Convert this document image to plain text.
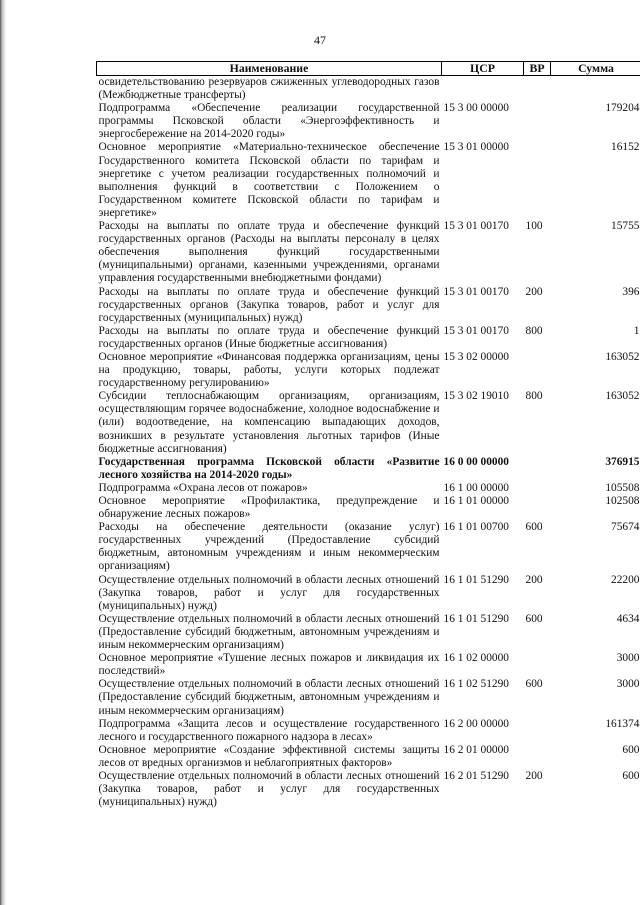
47
Наименование	ЦСР	ВР	Сумма
освидетельствованию резервуаров сжиженных углеводородных газов (Межбюджетные трансферты)			
Подпрограмма «Обеспечение реализации государственной программы Псковской области «Энергоэффективность и энергосбережение на 2014-2020 годы»	15 3 00 00000		179204
Основное мероприятие «Материально-техническое обеспечение Государственного комитета Псковской области по тарифам и энергетике с учетом реализации государственных полномочий и выполнения функций в соответствии с Положением о Государственном комитете Псковской области по тарифам и энергетике»	15 3 01 00000		16152
Расходы на выплаты по оплате труда и обеспечение функций государственных органов (Расходы на выплаты персоналу в целях обеспечения выполнения функций государственными (муниципальными) органами, казенными учреждениями, органами управления государственными внебюджетными фондами)	15 3 01 00170	100	15755
Расходы на выплаты по оплате труда и обеспечение функций государственных органов (Закупка товаров, работ и услуг для государственных (муниципальных) нужд)	15 3 01 00170	200	396
Расходы на выплаты по оплате труда и обеспечение функций государственных органов (Иные бюджетные ассигнования)	15 3 01 00170	800	1
Основное мероприятие «Финансовая поддержка организациям, цены на продукцию, товары, работы, услуги которых подлежат государственному регулированию»	15 3 02 00000		163052
Субсидии теплоснабжающим организациям, организациям, осуществляющим горячее водоснабжение, холодное водоснабжение и (или) водоотведение, на компенсацию выпадающих доходов, возникших в результате установления льготных тарифов (Иные бюджетные ассигнования)	15 3 02 19010	800	163052
Государственная программа Псковской области «Развитие лесного хозяйства на 2014-2020 годы»	16 0 00 00000		376915
Подпрограмма «Охрана лесов от пожаров»	16 1 00 00000		105508
Основное мероприятие «Профилактика, предупреждение и обнаружение лесных пожаров»	16 1 01 00000		102508
Расходы на обеспечение деятельности (оказание услуг) государственных учреждений (Предоставление субсидий бюджетным, автономным учреждениям и иным некоммерческим организациям)	16 1 01 00700	600	75674
Осуществление отдельных полномочий в области лесных отношений (Закупка товаров, работ и услуг для государственных (муниципальных) нужд)	16 1 01 51290	200	22200
Осуществление отдельных полномочий в области лесных отношений (Предоставление субсидий бюджетным, автономным учреждениям и иным некоммерческим организациям)	16 1 01 51290	600	4634
Основное мероприятие «Тушение лесных пожаров и ликвидация их последствий»	16 1 02 00000		3000
Осуществление отдельных полномочий в области лесных отношений (Предоставление субсидий бюджетным, автономным учреждениям и иным некоммерческим организациям)	16 1 02 51290	600	3000
Подпрограмма «Защита лесов и осуществление государственного лесного и государственного пожарного надзора в лесах»	16 2 00 00000		161374
Основное мероприятие «Создание эффективной системы защиты лесов от вредных организмов и неблагоприятных факторов»	16 2 01 00000		600
Осуществление отдельных полномочий в области лесных отношений (Закупка товаров, работ и услуг для государственных (муниципальных) нужд)	16 2 01 51290	200	600
